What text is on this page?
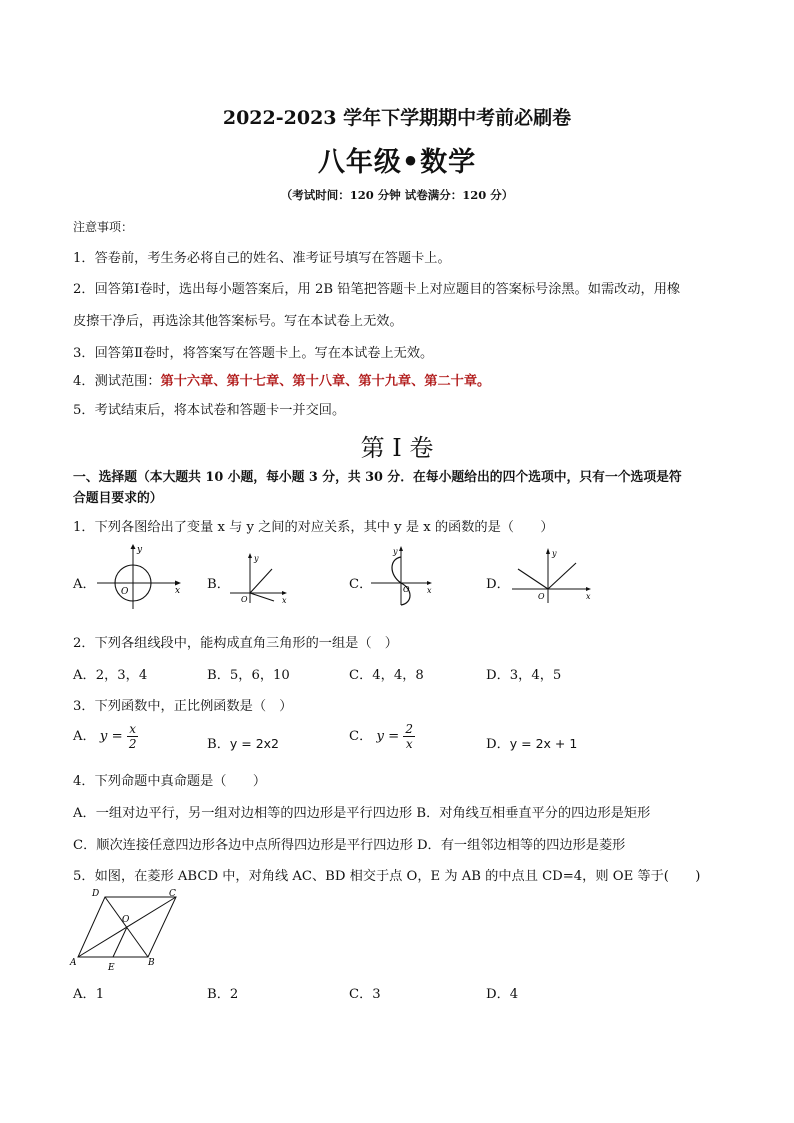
2022-2023 学年下学期期中考前必刷卷
八年级•数学
（考试时间：120 分钟 试卷满分：120 分）
注意事项：
1．答卷前，考生务必将自己的姓名、准考证号填写在答题卡上。
2．回答第Ⅰ卷时，选出每小题答案后，用 2B 铅笔把答题卡上对应题目的答案标号涂黑。如需改动，用橡
皮擦干净后，再选涂其他答案标号。写在本试卷上无效。
3．回答第Ⅱ卷时，将答案写在答题卡上。写在本试卷上无效。
4．测试范围：第十六章、第十七章、第十八章、第十九章、第二十章。
5．考试结束后，将本试卷和答题卡一并交回。
第 I 卷
一、选择题（本大题共 10 小题，每小题 3 分，共 30 分．在每小题给出的四个选项中，只有一个选项是符
合题目要求的）
1．下列各图给出了变量 x 与 y 之间的对应关系，其中 y 是 x 的函数的是（　　）
A．
y
x
O	B．
y
x
O
C．
y
x
O	D．
y
x
O
2．下列各组线段中，能构成直角三角形的一组是（　）
A．2，3，4	B．5，6，10	C．4，4，8	D．3，4，5
3．下列函数中，正比例函数是（　）
A． $y = \frac{x}{2}$	B．y = 2x2	C． $y = \frac{2}{x}$	D．y = 2x + 1
4．下列命题中真命题是（　　）
A．一组对边平行，另一组对边相等的四边形是平行四边形 B．对角线互相垂直平分的四边形是矩形
C．顺次连接任意四边形各边中点所得四边形是平行四边形 D．有一组邻边相等的四边形是菱形
5．如图，在菱形 ABCD 中，对角线 AC、BD 相交于点 O，E 为 AB 的中点且 CD=4，则 OE 等于(　　)
A	B
C
D
O
E
A．1	B．2	C．3	D．4
